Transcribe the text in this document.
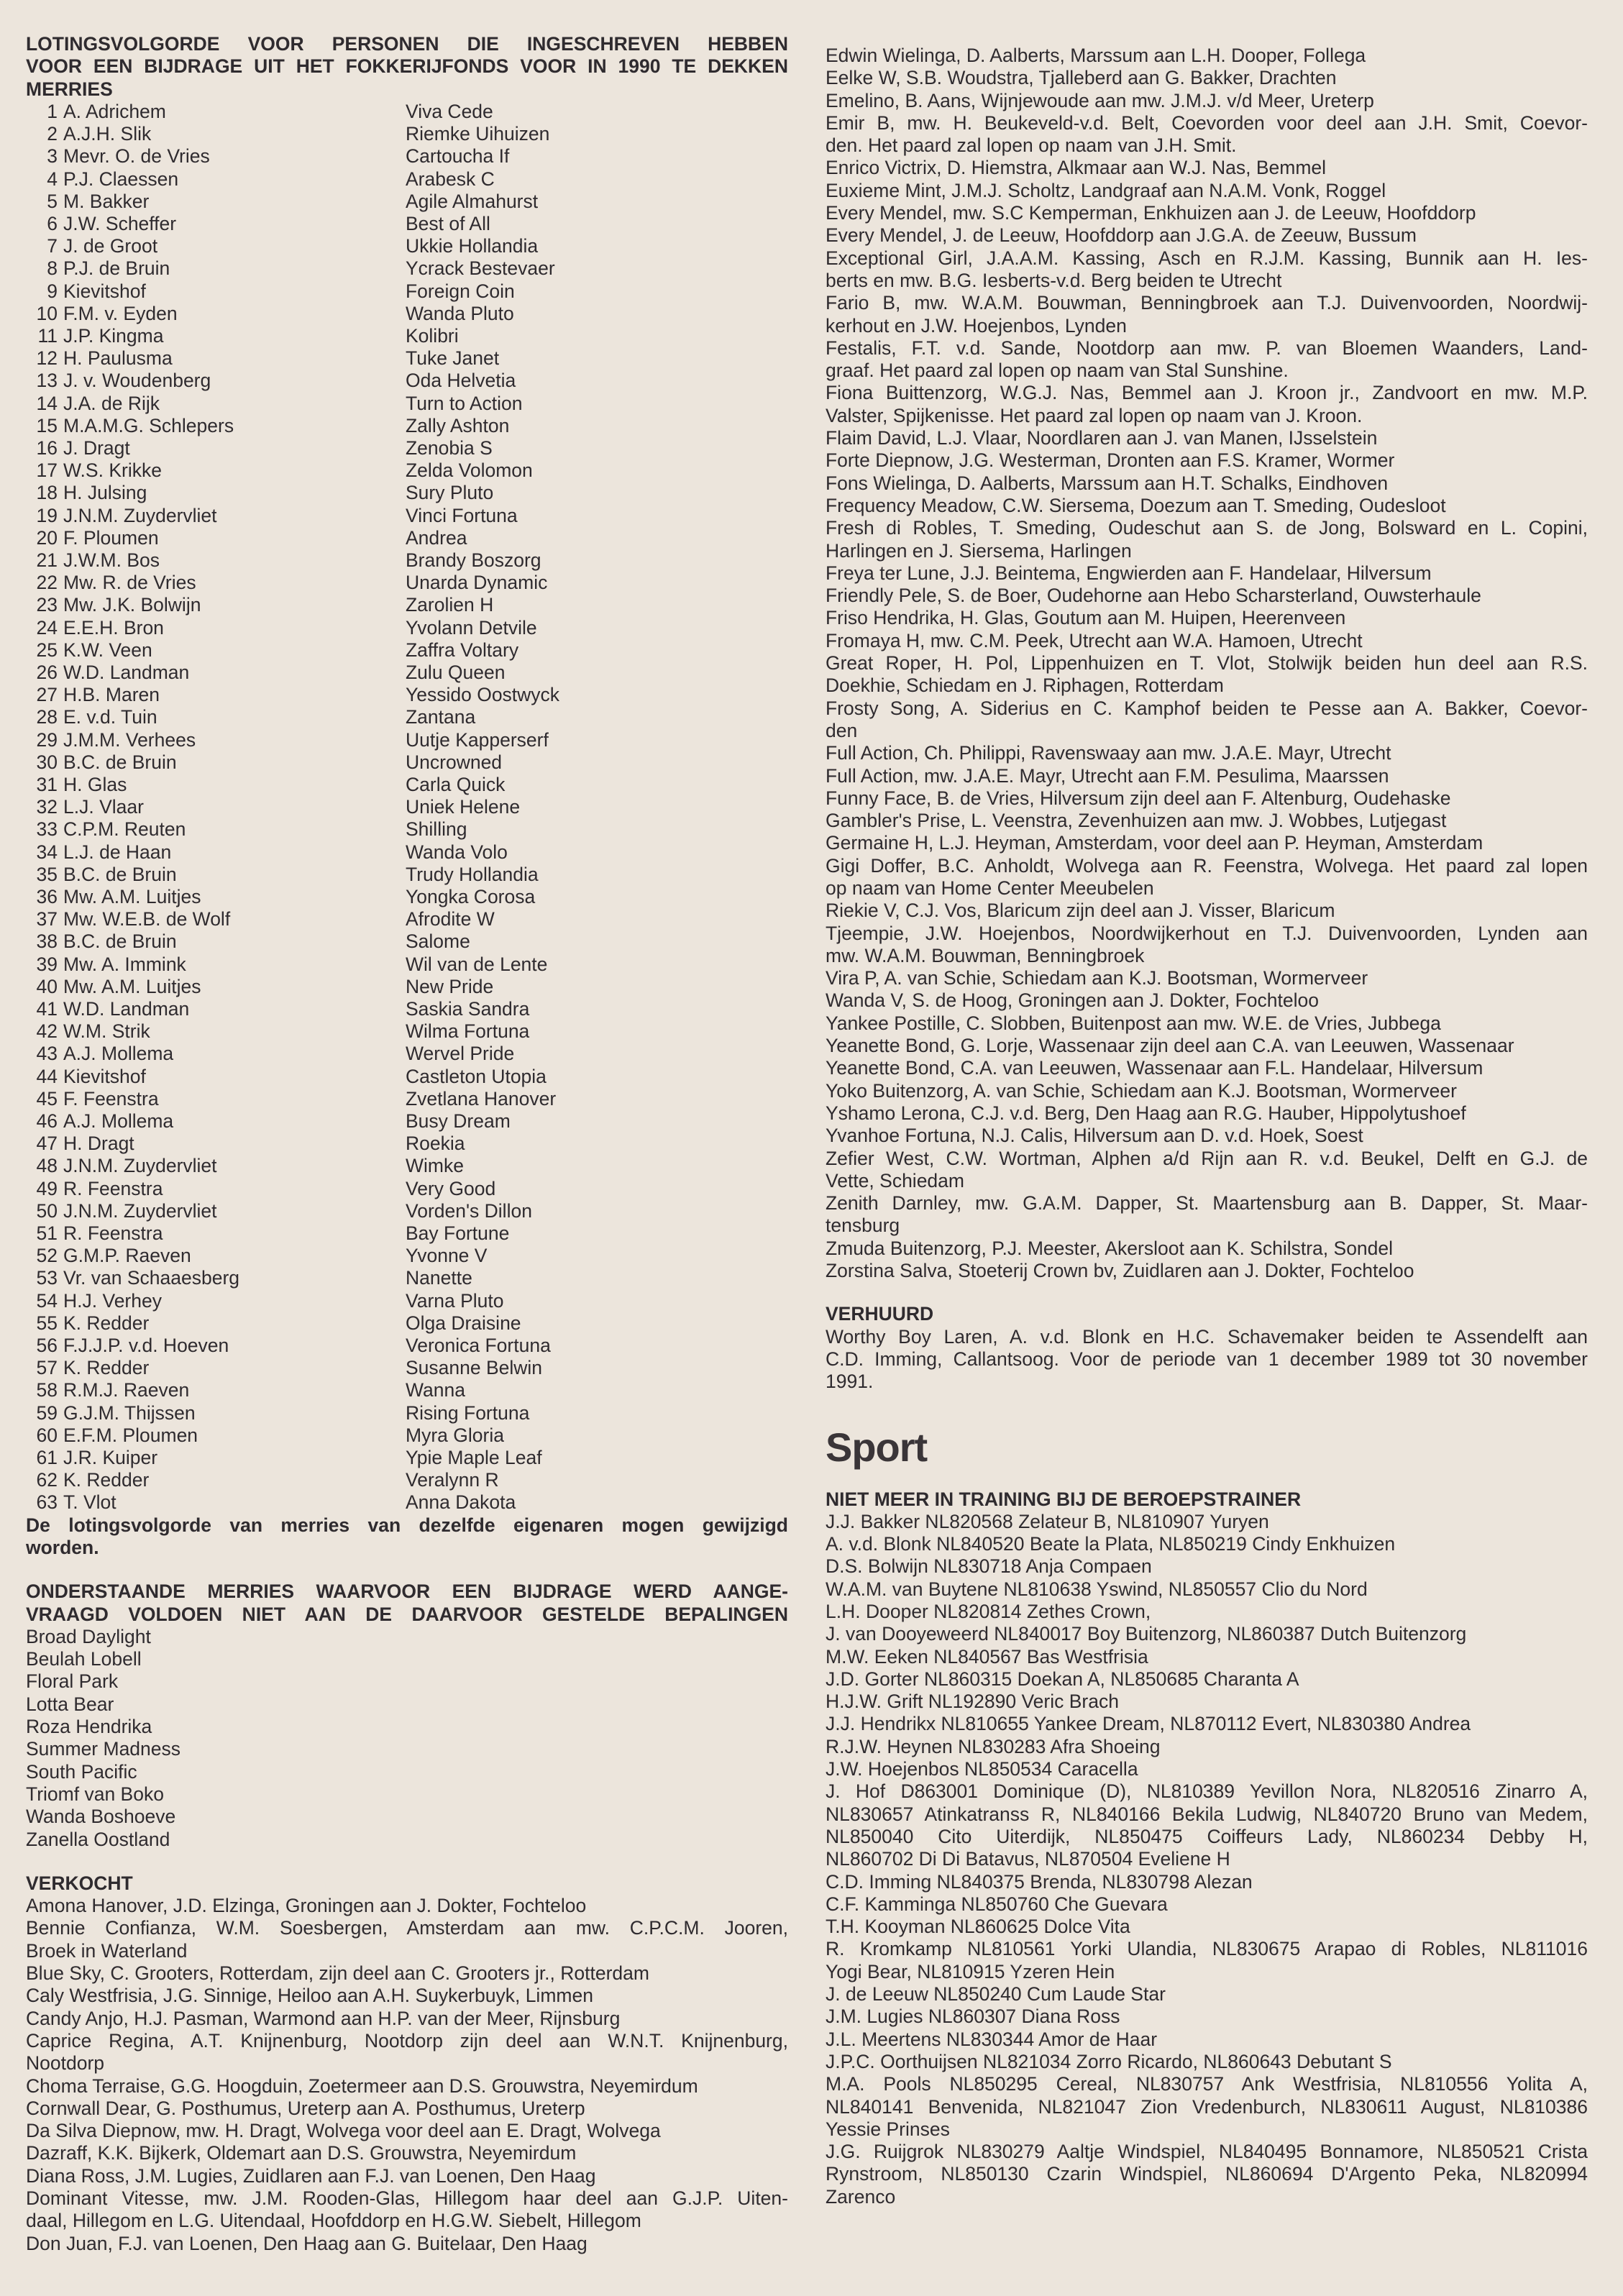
LOTINGSVOLGORDE VOOR PERSONEN DIE INGESCHREVEN HEBBEN
VOOR EEN BIJDRAGE UIT HET FOKKERIJFONDS VOOR IN 1990 TE DEKKEN
MERRIES
1 A. Adrichem	Viva Cede
2 A.J.H. Slik	Riemke Uihuizen
3 Mevr. O. de Vries	Cartoucha If
4 P.J. Claessen	Arabesk C
5 M. Bakker	Agile Almahurst
6 J.W. Scheffer	Best of All
7 J. de Groot	Ukkie Hollandia
8 P.J. de Bruin	Ycrack Bestevaer
9 Kievitshof	Foreign Coin
10 F.M. v. Eyden	Wanda Pluto
11 J.P. Kingma	Kolibri
12 H. Paulusma	Tuke Janet
13 J. v. Woudenberg	Oda Helvetia
14 J.A. de Rijk	Turn to Action
15 M.A.M.G. Schlepers	Zally Ashton
16 J. Dragt	Zenobia S
17 W.S. Krikke	Zelda Volomon
18 H. Julsing	Sury Pluto
19 J.N.M. Zuydervliet	Vinci Fortuna
20 F. Ploumen	Andrea
21 J.W.M. Bos	Brandy Boszorg
22 Mw. R. de Vries	Unarda Dynamic
23 Mw. J.K. Bolwijn	Zarolien H
24 E.E.H. Bron	Yvolann Detvile
25 K.W. Veen	Zaffra Voltary
26 W.D. Landman	Zulu Queen
27 H.B. Maren	Yessido Oostwyck
28 E. v.d. Tuin	Zantana
29 J.M.M. Verhees	Uutje Kapperserf
30 B.C. de Bruin	Uncrowned
31 H. Glas	Carla Quick
32 L.J. Vlaar	Uniek Helene
33 C.P.M. Reuten	Shilling
34 L.J. de Haan	Wanda Volo
35 B.C. de Bruin	Trudy Hollandia
36 Mw. A.M. Luitjes	Yongka Corosa
37 Mw. W.E.B. de Wolf	Afrodite W
38 B.C. de Bruin	Salome
39 Mw. A. Immink	Wil van de Lente
40 Mw. A.M. Luitjes	New Pride
41 W.D. Landman	Saskia Sandra
42 W.M. Strik	Wilma Fortuna
43 A.J. Mollema	Wervel Pride
44 Kievitshof	Castleton Utopia
45 F. Feenstra	Zvetlana Hanover
46 A.J. Mollema	Busy Dream
47 H. Dragt	Roekia
48 J.N.M. Zuydervliet	Wimke
49 R. Feenstra	Very Good
50 J.N.M. Zuydervliet	Vorden's Dillon
51 R. Feenstra	Bay Fortune
52 G.M.P. Raeven	Yvonne V
53 Vr. van Schaaesberg	Nanette
54 H.J. Verhey	Varna Pluto
55 K. Redder	Olga Draisine
56 F.J.J.P. v.d. Hoeven	Veronica Fortuna
57 K. Redder	Susanne Belwin
58 R.M.J. Raeven	Wanna
59 G.J.M. Thijssen	Rising Fortuna
60 E.F.M. Ploumen	Myra Gloria
61 J.R. Kuiper	Ypie Maple Leaf
62 K. Redder	Veralynn R
63 T. Vlot	Anna Dakota
De lotingsvolgorde van merries van dezelfde eigenaren mogen gewijzigd
worden.
ONDERSTAANDE MERRIES WAARVOOR EEN BIJDRAGE WERD AANGE-
VRAAGD VOLDOEN NIET AAN DE DAARVOOR GESTELDE BEPALINGEN
Broad Daylight
Beulah Lobell
Floral Park
Lotta Bear
Roza Hendrika
Summer Madness
South Pacific
Triomf van Boko
Wanda Boshoeve
Zanella Oostland
VERKOCHT
Amona Hanover, J.D. Elzinga, Groningen aan J. Dokter, Fochteloo
Bennie Confianza, W.M. Soesbergen, Amsterdam aan mw. C.P.C.M. Jooren,
Broek in Waterland
Blue Sky, C. Grooters, Rotterdam, zijn deel aan C. Grooters jr., Rotterdam
Caly Westfrisia, J.G. Sinnige, Heiloo aan A.H. Suykerbuyk, Limmen
Candy Anjo, H.J. Pasman, Warmond aan H.P. van der Meer, Rijnsburg
Caprice Regina, A.T. Knijnenburg, Nootdorp zijn deel aan W.N.T. Knijnenburg,
Nootdorp
Choma Terraise, G.G. Hoogduin, Zoetermeer aan D.S. Grouwstra, Neyemirdum
Cornwall Dear, G. Posthumus, Ureterp aan A. Posthumus, Ureterp
Da Silva Diepnow, mw. H. Dragt, Wolvega voor deel aan E. Dragt, Wolvega
Dazraff, K.K. Bijkerk, Oldemart aan D.S. Grouwstra, Neyemirdum
Diana Ross, J.M. Lugies, Zuidlaren aan F.J. van Loenen, Den Haag
Dominant Vitesse, mw. J.M. Rooden-Glas, Hillegom haar deel aan G.J.P. Uiten-
daal, Hillegom en L.G. Uitendaal, Hoofddorp en H.G.W. Siebelt, Hillegom
Don Juan, F.J. van Loenen, Den Haag aan G. Buitelaar, Den Haag
Edwin Wielinga, D. Aalberts, Marssum aan L.H. Dooper, Follega
Eelke W, S.B. Woudstra, Tjalleberd aan G. Bakker, Drachten
Emelino, B. Aans, Wijnjewoude aan mw. J.M.J. v/d Meer, Ureterp
Emir B, mw. H. Beukeveld-v.d. Belt, Coevorden voor deel aan J.H. Smit, Coevor-
den. Het paard zal lopen op naam van J.H. Smit.
Enrico Victrix, D. Hiemstra, Alkmaar aan W.J. Nas, Bemmel
Euxieme Mint, J.M.J. Scholtz, Landgraaf aan N.A.M. Vonk, Roggel
Every Mendel, mw. S.C Kemperman, Enkhuizen aan J. de Leeuw, Hoofddorp
Every Mendel, J. de Leeuw, Hoofddorp aan J.G.A. de Zeeuw, Bussum
Exceptional Girl, J.A.A.M. Kassing, Asch en R.J.M. Kassing, Bunnik aan H. Ies-
berts en mw. B.G. Iesberts-v.d. Berg beiden te Utrecht
Fario B, mw. W.A.M. Bouwman, Benningbroek aan T.J. Duivenvoorden, Noordwij-
kerhout en J.W. Hoejenbos, Lynden
Festalis, F.T. v.d. Sande, Nootdorp aan mw. P. van Bloemen Waanders, Land-
graaf. Het paard zal lopen op naam van Stal Sunshine.
Fiona Buittenzorg, W.G.J. Nas, Bemmel aan J. Kroon jr., Zandvoort en mw. M.P.
Valster, Spijkenisse. Het paard zal lopen op naam van J. Kroon.
Flaim David, L.J. Vlaar, Noordlaren aan J. van Manen, IJsselstein
Forte Diepnow, J.G. Westerman, Dronten aan F.S. Kramer, Wormer
Fons Wielinga, D. Aalberts, Marssum aan H.T. Schalks, Eindhoven
Frequency Meadow, C.W. Siersema, Doezum aan T. Smeding, Oudesloot
Fresh di Robles, T. Smeding, Oudeschut aan S. de Jong, Bolsward en L. Copini,
Harlingen en J. Siersema, Harlingen
Freya ter Lune, J.J. Beintema, Engwierden aan F. Handelaar, Hilversum
Friendly Pele, S. de Boer, Oudehorne aan Hebo Scharsterland, Ouwsterhaule
Friso Hendrika, H. Glas, Goutum aan M. Huipen, Heerenveen
Fromaya H, mw. C.M. Peek, Utrecht aan W.A. Hamoen, Utrecht
Great Roper, H. Pol, Lippenhuizen en T. Vlot, Stolwijk beiden hun deel aan R.S.
Doekhie, Schiedam en J. Riphagen, Rotterdam
Frosty Song, A. Siderius en C. Kamphof beiden te Pesse aan A. Bakker, Coevor-
den
Full Action, Ch. Philippi, Ravenswaay aan mw. J.A.E. Mayr, Utrecht
Full Action, mw. J.A.E. Mayr, Utrecht aan F.M. Pesulima, Maarssen
Funny Face, B. de Vries, Hilversum zijn deel aan F. Altenburg, Oudehaske
Gambler's Prise, L. Veenstra, Zevenhuizen aan mw. J. Wobbes, Lutjegast
Germaine H, L.J. Heyman, Amsterdam, voor deel aan P. Heyman, Amsterdam
Gigi Doffer, B.C. Anholdt, Wolvega aan R. Feenstra, Wolvega. Het paard zal lopen
op naam van Home Center Meeubelen
Riekie V, C.J. Vos, Blaricum zijn deel aan J. Visser, Blaricum
Tjeempie, J.W. Hoejenbos, Noordwijkerhout en T.J. Duivenvoorden, Lynden aan
mw. W.A.M. Bouwman, Benningbroek
Vira P, A. van Schie, Schiedam aan K.J. Bootsman, Wormerveer
Wanda V, S. de Hoog, Groningen aan J. Dokter, Fochteloo
Yankee Postille, C. Slobben, Buitenpost aan mw. W.E. de Vries, Jubbega
Yeanette Bond, G. Lorje, Wassenaar zijn deel aan C.A. van Leeuwen, Wassenaar
Yeanette Bond, C.A. van Leeuwen, Wassenaar aan F.L. Handelaar, Hilversum
Yoko Buitenzorg, A. van Schie, Schiedam aan K.J. Bootsman, Wormerveer
Yshamo Lerona, C.J. v.d. Berg, Den Haag aan R.G. Hauber, Hippolytushoef
Yvanhoe Fortuna, N.J. Calis, Hilversum aan D. v.d. Hoek, Soest
Zefier West, C.W. Wortman, Alphen a/d Rijn aan R. v.d. Beukel, Delft en G.J. de
Vette, Schiedam
Zenith Darnley, mw. G.A.M. Dapper, St. Maartensburg aan B. Dapper, St. Maar-
tensburg
Zmuda Buitenzorg, P.J. Meester, Akersloot aan K. Schilstra, Sondel
Zorstina Salva, Stoeterij Crown bv, Zuidlaren aan J. Dokter, Fochteloo
VERHUURD
Worthy Boy Laren, A. v.d. Blonk en H.C. Schavemaker beiden te Assendelft aan
C.D. Imming, Callantsoog. Voor de periode van 1 december 1989 tot 30 november
1991.
Sport
NIET MEER IN TRAINING BIJ DE BEROEPSTRAINER
J.J. Bakker NL820568 Zelateur B, NL810907 Yuryen
A. v.d. Blonk NL840520 Beate la Plata, NL850219 Cindy Enkhuizen
D.S. Bolwijn NL830718 Anja Compaen
W.A.M. van Buytene NL810638 Yswind, NL850557 Clio du Nord
L.H. Dooper NL820814 Zethes Crown,
J. van Dooyeweerd NL840017 Boy Buitenzorg, NL860387 Dutch Buitenzorg
M.W. Eeken NL840567 Bas Westfrisia
J.D. Gorter NL860315 Doekan A, NL850685 Charanta A
H.J.W. Grift NL192890 Veric Brach
J.J. Hendrikx NL810655 Yankee Dream, NL870112 Evert, NL830380 Andrea
R.J.W. Heynen NL830283 Afra Shoeing
J.W. Hoejenbos NL850534 Caracella
J. Hof D863001 Dominique (D), NL810389 Yevillon Nora, NL820516 Zinarro A,
NL830657 Atinkatranss R, NL840166 Bekila Ludwig, NL840720 Bruno van Medem,
NL850040 Cito Uiterdijk, NL850475 Coiffeurs Lady, NL860234 Debby H,
NL860702 Di Di Batavus, NL870504 Eveliene H
C.D. Imming NL840375 Brenda, NL830798 Alezan
C.F. Kamminga NL850760 Che Guevara
T.H. Kooyman NL860625 Dolce Vita
R. Kromkamp NL810561 Yorki Ulandia, NL830675 Arapao di Robles, NL811016
Yogi Bear, NL810915 Yzeren Hein
J. de Leeuw NL850240 Cum Laude Star
J.M. Lugies NL860307 Diana Ross
J.L. Meertens NL830344 Amor de Haar
J.P.C. Oorthuijsen NL821034 Zorro Ricardo, NL860643 Debutant S
M.A. Pools NL850295 Cereal, NL830757 Ank Westfrisia, NL810556 Yolita A,
NL840141 Benvenida, NL821047 Zion Vredenburch, NL830611 August, NL810386
Yessie Prinses
J.G. Ruijgrok NL830279 Aaltje Windspiel, NL840495 Bonnamore, NL850521 Crista
Rynstroom, NL850130 Czarin Windspiel, NL860694 D'Argento Peka, NL820994
Zarenco
